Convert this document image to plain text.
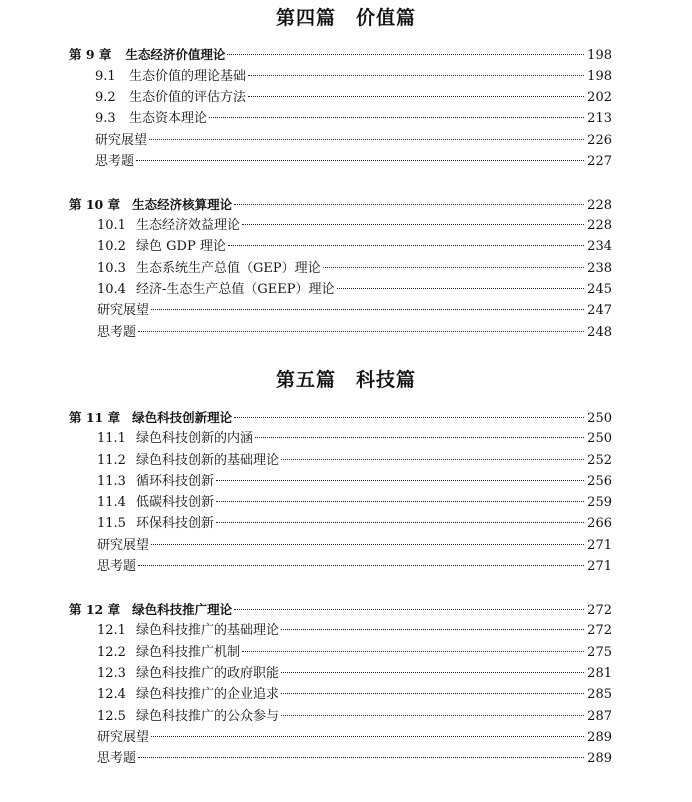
第四篇　价值篇
第 9 章 生态经济价值理论	198
9.1	生态价值的理论基础	198
9.2	生态价值的评估方法	202
9.3	生态资本理论	213
研究展望	226
思考题	227
第 10 章 生态经济核算理论	228
10.1 生态经济效益理论	228
10.2 绿色 GDP 理论	234
10.3 生态系统生产总值（GEP）理论	238
10.4 经济-生态生产总值（GEEP）理论	245
研究展望	247
思考题	248
第五篇　科技篇
第 11 章 绿色科技创新理论	250
11.1 绿色科技创新的内涵	250
11.2 绿色科技创新的基础理论	252
11.3 循环科技创新	256
11.4 低碳科技创新	259
11.5 环保科技创新	266
研究展望	271
思考题	271
第 12 章 绿色科技推广理论	272
12.1 绿色科技推广的基础理论	272
12.2 绿色科技推广机制	275
12.3 绿色科技推广的政府职能	281
12.4 绿色科技推广的企业追求	285
12.5 绿色科技推广的公众参与	287
研究展望	289
思考题	289
